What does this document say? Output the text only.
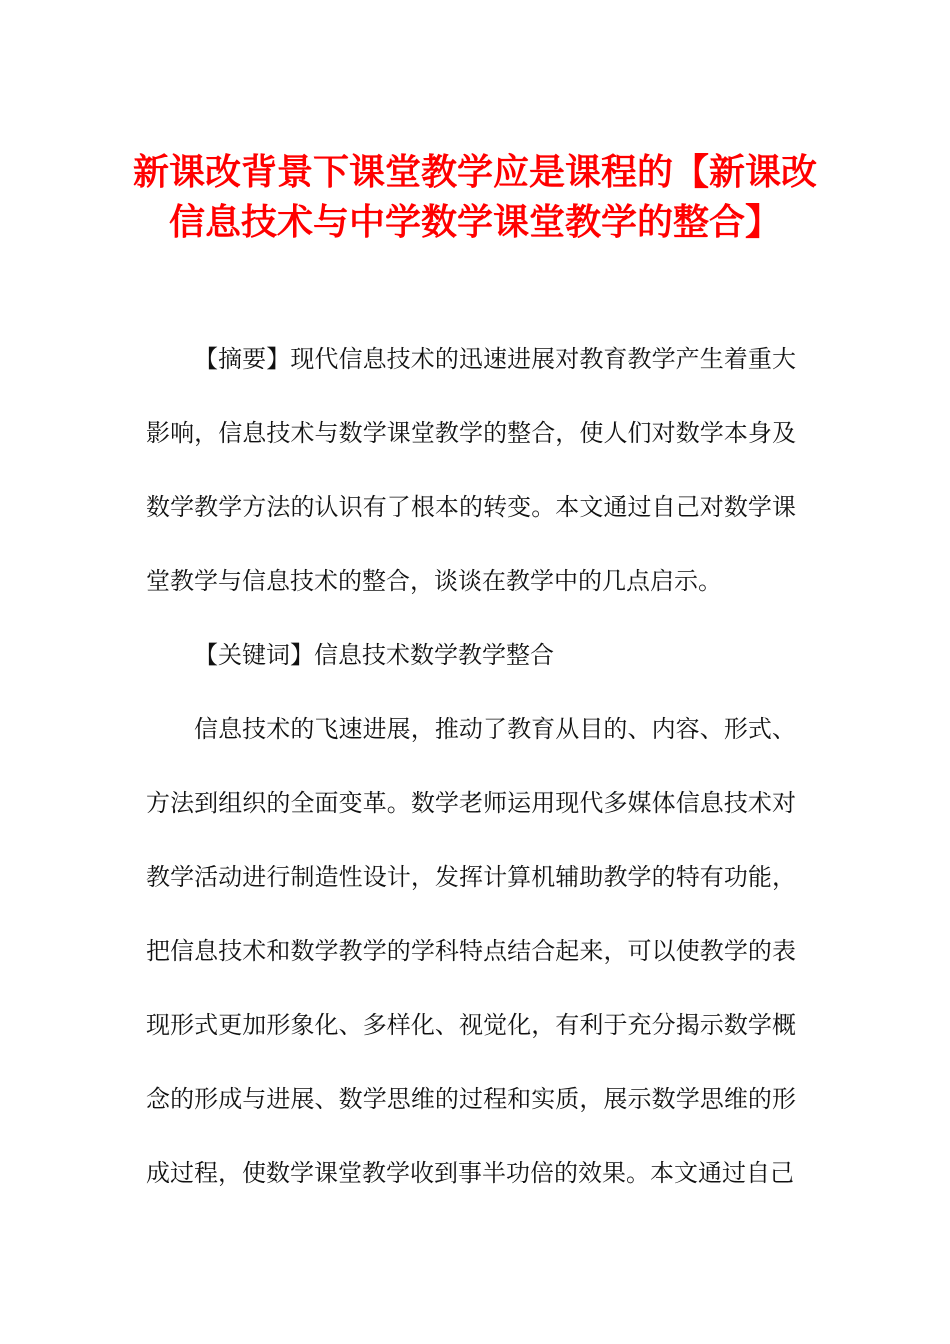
新课改背景下课堂教学应是课程的【新课改
信息技术与中学数学课堂教学的整合】

【摘要】现代信息技术的迅速进展对教育教学产生着重大影响，信息技术与数学课堂教学的整合，使人们对数学本身及数学教学方法的认识有了根本的转变。本文通过自己对数学课堂教学与信息技术的整合，谈谈在教学中的几点启示。

【关键词】信息技术数学教学整合

信息技术的飞速进展，推动了教育从目的、内容、形式、方法到组织的全面变革。数学老师运用现代多媒体信息技术对教学活动进行制造性设计，发挥计算机辅助教学的特有功能，把信息技术和数学教学的学科特点结合起来，可以使教学的表现形式更加形象化、多样化、视觉化，有利于充分揭示数学概念的形成与进展、数学思维的过程和实质，展示数学思维的形成过程，使数学课堂教学收到事半功倍的效果。本文通过自己
